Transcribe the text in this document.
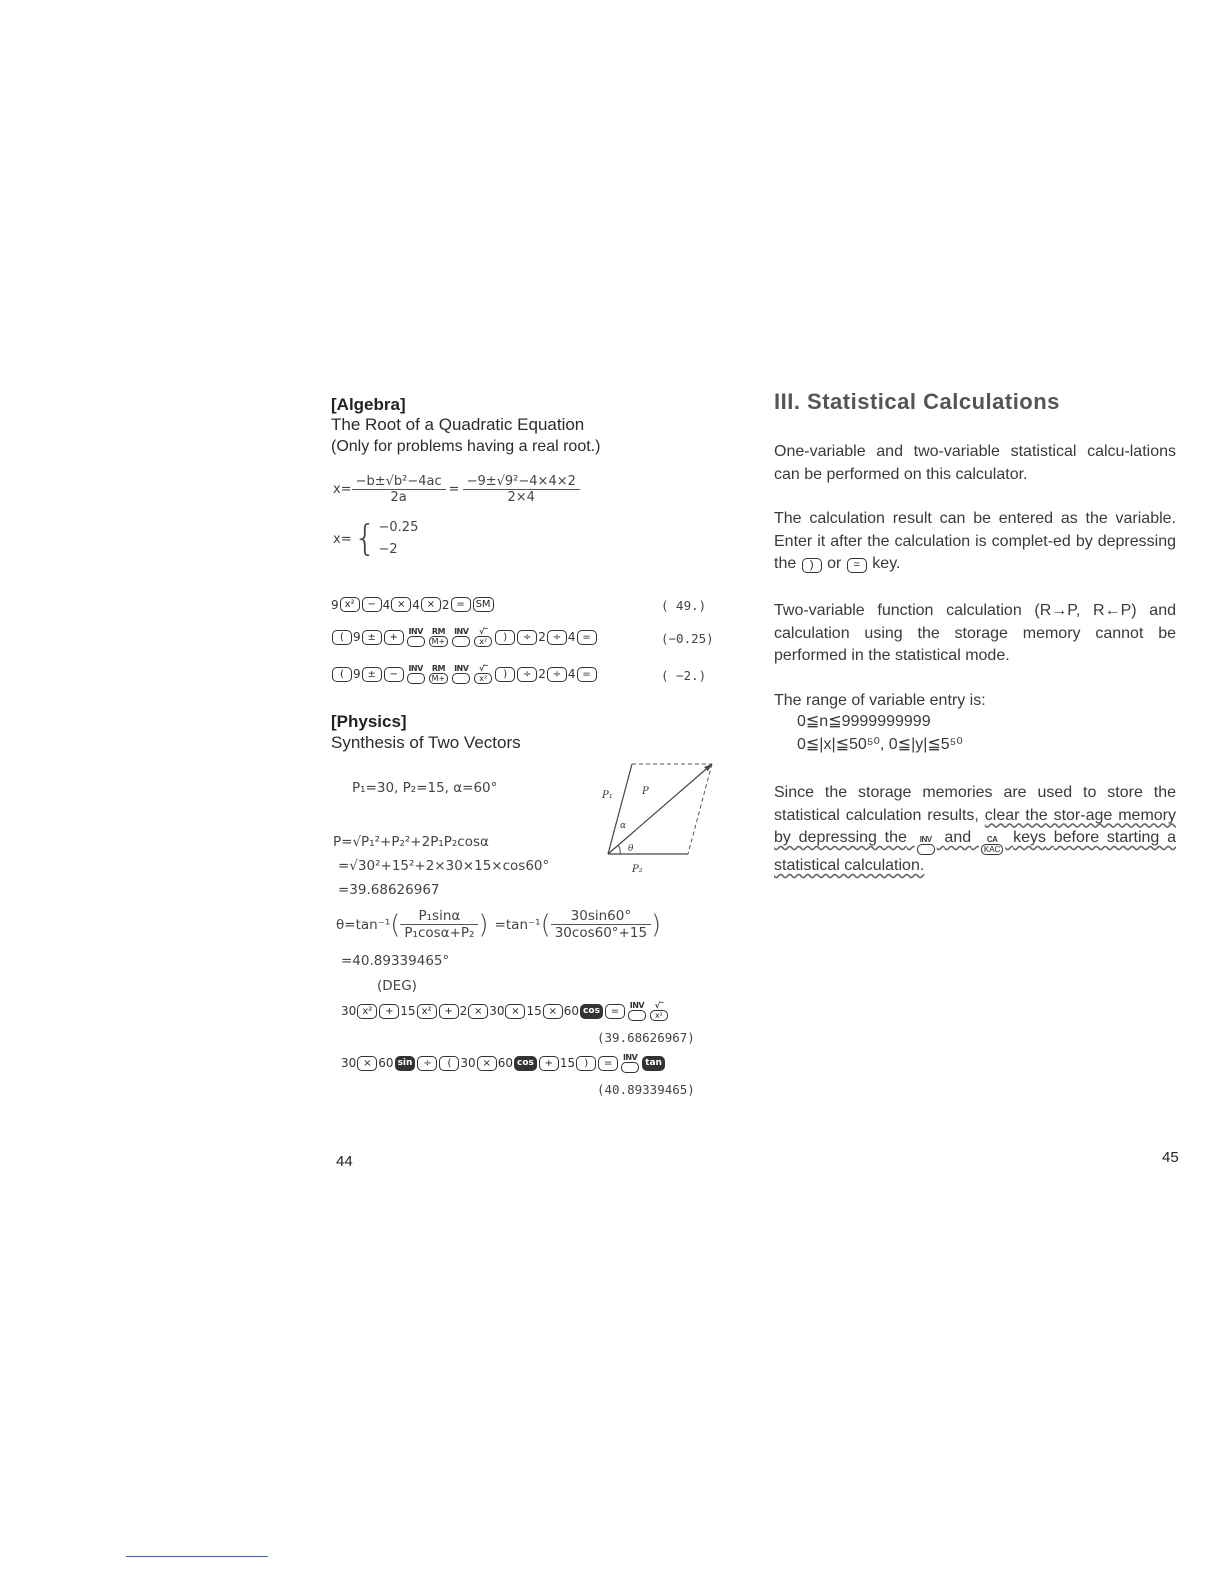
[Algebra]
The Root of a Quadratic Equation
(Only for problems having a real root.)
$x= \frac{\text{−b±√b²−4ac}}{2a} = \frac{\text{−9±√9²−4×4×2}}{2\times 4}$
x= { −0.25
−2
9 x²	− 4 × 4 × 2 =	SM	( 49.)
( 9 ±	+	INV
RM
M+
INV
√‾
x²	)	÷ 2 ÷ 4 =	(−0.25)
( 9 ±	−	INV
RM
M+
INV
√‾
x²	)	÷ 2 ÷ 4 =	( −2.)
[Physics]
Synthesis of Two Vectors
P₁=30, P₂=15, α=60°	P₁	P
α
θ
P₂
P=√P₁²+P₂²+2P₁P₂cosα
=√30²+15²+2×30×15×cos60°
=39.68626967
θ=tan⁻¹ ( $\frac{\text{P₁sinα}}{\text{P₁cosα+P₂}}$ ) =tan⁻¹ ( $\frac{30\sin 60^\circ}{30\cos 60^\circ+15}$ )
=40.89339465°
(DEG)
30 x²	+ 15 x²	+ 2 × 30 × 15 × 60 cos	=	INV
√‾
x²
(39.68626967)
30 × 60 sin	÷	( 30 × 60 cos	+ 15 )	=	INV
tan
(40.89339465)
44
III. Statistical Calculations
One-variable and two-variable statistical calcu-lations can be performed on this calculator.
The calculation result can be entered as the variable. Enter it after the calculation is complet-ed by depressing the ) or = key.
Two-variable function calculation (R→P, R←P) and calculation using the storage memory cannot be performed in the statistical mode.
The range of variable entry is:
0≦n≦9999999999
0≦|x|≦50⁵⁰, 0≦|y|≦5⁵⁰
Since the storage memories are used to store the statistical calculation results, clear the stor-age memory by depressing the INV
and CA
KAC
keys before starting a statistical calculation.
45
